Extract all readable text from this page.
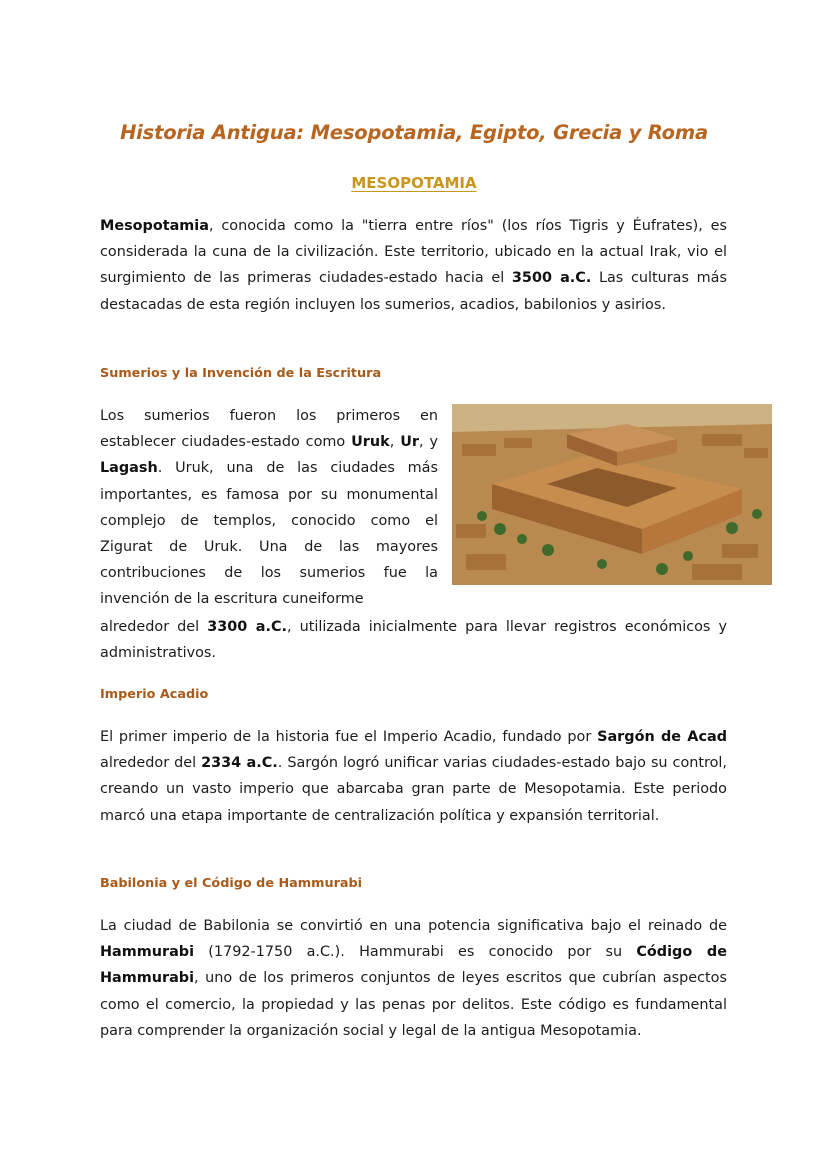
Historia Antigua: Mesopotamia, Egipto, Grecia y Roma
MESOPOTAMIA

Mesopotamia, conocida como la "tierra entre ríos" (los ríos Tigris y Éufrates), es considerada la cuna de la civilización. Este territorio, ubicado en la actual Irak, vio el surgimiento de las primeras ciudades-estado hacia el 3500 a.C. Las culturas más destacadas de esta región incluyen los sumerios, acadios, babilonios y asirios.

Sumerios y la Invención de la Escritura

Los sumerios fueron los primeros en establecer ciudades-estado como Uruk, Ur, y Lagash. Uruk, una de las ciudades más importantes, es famosa por su monumental complejo de templos, conocido como el Zigurat de Uruk. Una de las mayores contribuciones de los sumerios fue la invención de la escritura cuneiforme

alrededor del 3300 a.C., utilizada inicialmente para llevar registros económicos y administrativos.

Imperio Acadio

El primer imperio de la historia fue el Imperio Acadio, fundado por Sargón de Acad alrededor del 2334 a.C.. Sargón logró unificar varias ciudades-estado bajo su control, creando un vasto imperio que abarcaba gran parte de Mesopotamia. Este periodo marcó una etapa importante de centralización política y expansión territorial.

Babilonia y el Código de Hammurabi

La ciudad de Babilonia se convirtió en una potencia significativa bajo el reinado de Hammurabi (1792-1750 a.C.). Hammurabi es conocido por su Código de Hammurabi, uno de los primeros conjuntos de leyes escritos que cubrían aspectos como el comercio, la propiedad y las penas por delitos. Este código es fundamental para comprender la organización social y legal de la antigua Mesopotamia.
